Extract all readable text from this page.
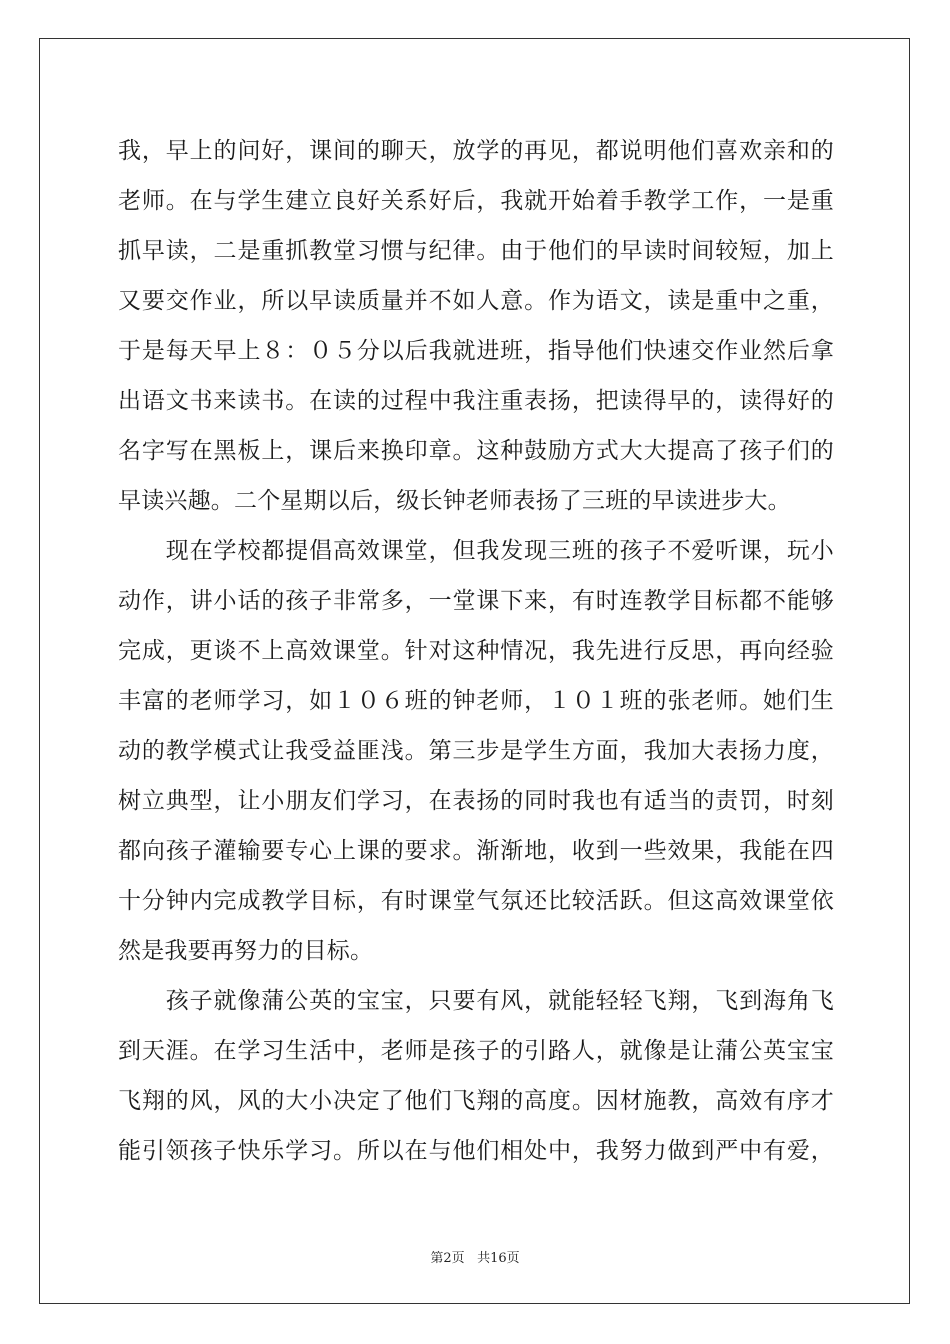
我，早上的问好，课间的聊天，放学的再见，都说明他们喜欢亲和的
老师。在与学生建立良好关系好后，我就开始着手教学工作，一是重
抓早读，二是重抓教堂习惯与纪律。由于他们的早读时间较短，加上
又要交作业，所以早读质量并不如人意。作为语文，读是重中之重，
于是每天早上８：０５分以后我就进班，指导他们快速交作业然后拿
出语文书来读书。在读的过程中我注重表扬，把读得早的，读得好的
名字写在黑板上，课后来换印章。这种鼓励方式大大提高了孩子们的
早读兴趣。二个星期以后，级长钟老师表扬了三班的早读进步大。
　　现在学校都提倡高效课堂，但我发现三班的孩子不爱听课，玩小
动作，讲小话的孩子非常多，一堂课下来，有时连教学目标都不能够
完成，更谈不上高效课堂。针对这种情况，我先进行反思，再向经验
丰富的老师学习，如１０６班的钟老师，１０１班的张老师。她们生
动的教学模式让我受益匪浅。第三步是学生方面，我加大表扬力度，
树立典型，让小朋友们学习，在表扬的同时我也有适当的责罚，时刻
都向孩子灌输要专心上课的要求。渐渐地，收到一些效果，我能在四
十分钟内完成教学目标，有时课堂气氛还比较活跃。但这高效课堂依
然是我要再努力的目标。
　　孩子就像蒲公英的宝宝，只要有风，就能轻轻飞翔，飞到海角飞
到天涯。在学习生活中，老师是孩子的引路人，就像是让蒲公英宝宝
飞翔的风，风的大小决定了他们飞翔的高度。因材施教，高效有序才
能引领孩子快乐学习。所以在与他们相处中，我努力做到严中有爱，
第2页 共16页
